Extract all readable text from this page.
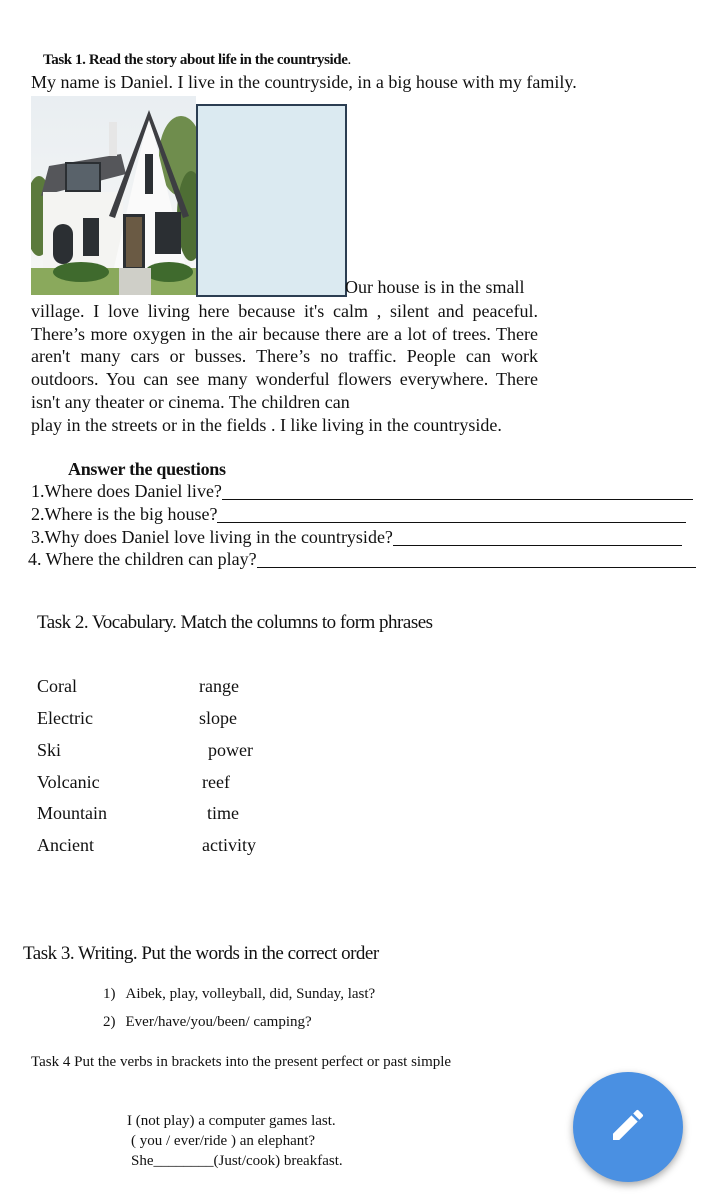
Task 1. Read the story about life in the countryside.
My name is Daniel. I live in the countryside, in a big house with my family.
Our house is in the small
village. I love living here because it's calm , silent and peaceful. There’s more oxygen in the air because there are a lot of trees. There aren't many cars or busses. There’s no traffic. People can work outdoors. You can see many wonderful flowers everywhere. There isn't any theater or cinema. The children can
play in the streets or in the fields . I like living in the countryside.
Answer the questions
1.Where does Daniel live?
2.Where is the big house?
3.Why does Daniel love living in the countryside?
4. Where the children can play?
Task 2. Vocabulary. Match the columns to form phrases
Coral
Electric
Ski
Volcanic
Mountain
Ancient
range
slope
power
reef
time
activity
Task 3. Writing. Put the words in the correct order
1) Aibek, play, volleyball, did, Sunday, last?
2) Ever/have/you/been/ camping?
Task 4 Put the verbs in brackets into the present perfect or past simple
I (not play) a computer games last.
( you / ever/ride ) an elephant?
She________(Just/cook) breakfast.
